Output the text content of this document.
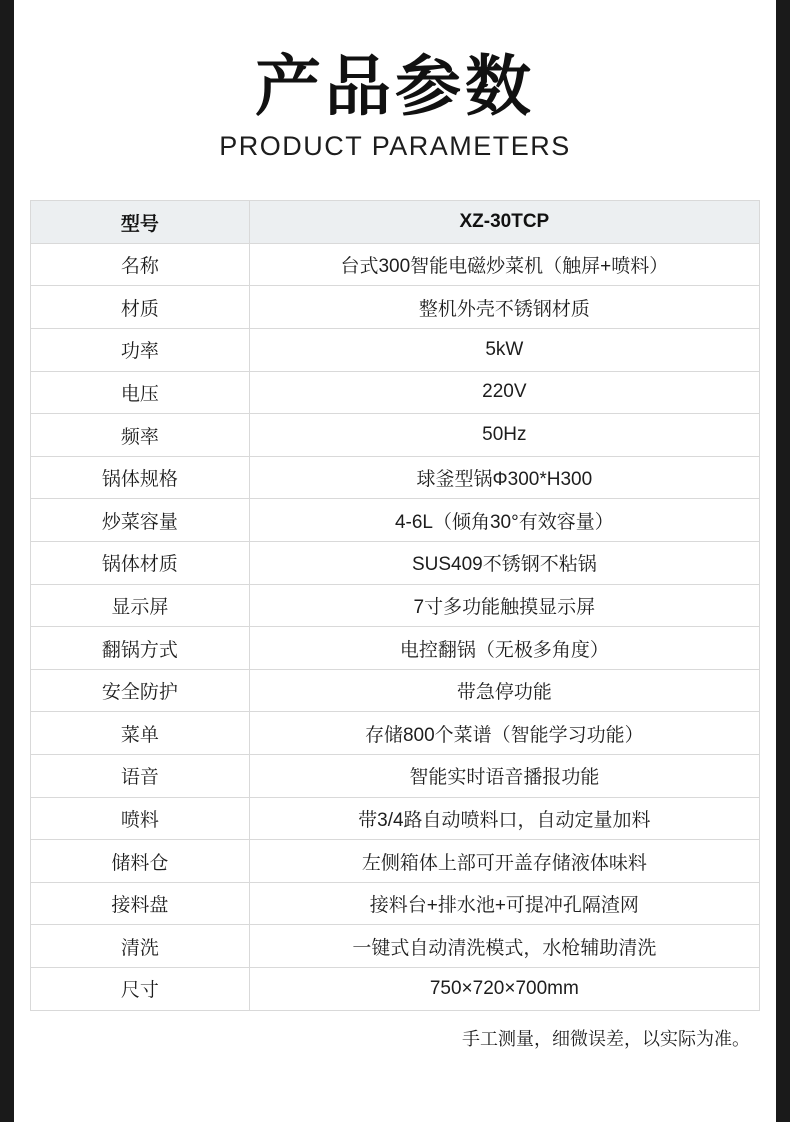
产品参数
PRODUCT PARAMETERS
型号	XZ-30TCP
名称	台式300智能电磁炒菜机（触屏+喷料）
材质	整机外壳不锈钢材质
功率	5kW
电压	220V
频率	50Hz
锅体规格	球釜型锅Φ300*H300
炒菜容量	4-6L（倾角30°有效容量）
锅体材质	SUS409不锈钢不粘锅
显示屏	7寸多功能触摸显示屏
翻锅方式	电控翻锅（无极多角度）
安全防护	带急停功能
菜单	存储800个菜谱（智能学习功能）
语音	智能实时语音播报功能
喷料	带3/4路自动喷料口，自动定量加料
储料仓	左侧箱体上部可开盖存储液体味料
接料盘	接料台+排水池+可提冲孔隔渣网
清洗	一键式自动清洗模式，水枪辅助清洗
尺寸	750×720×700mm
手工测量，细微误差，以实际为准。
